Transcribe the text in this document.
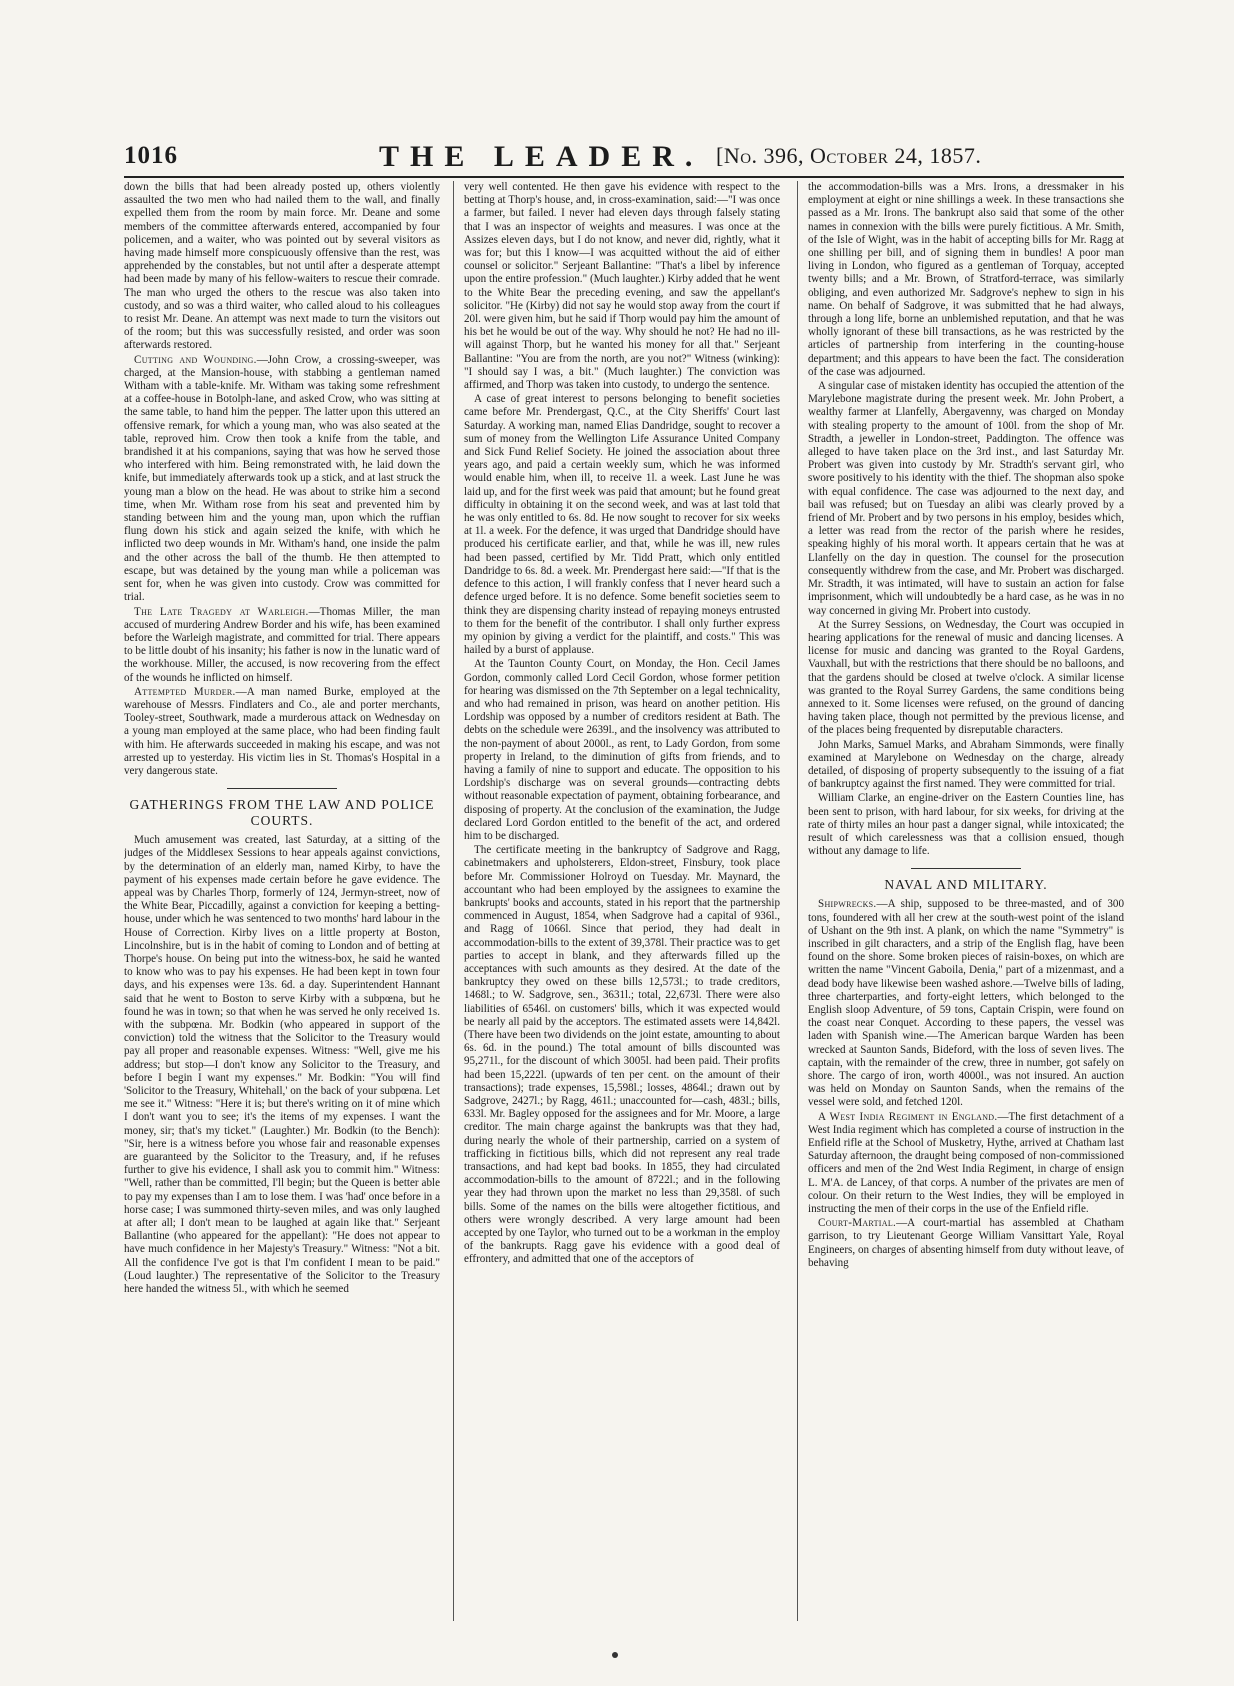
1016	THE LEADER. [No. 396, October 24, 1857.

down the bills that had been already posted up, others violently assaulted the two men who had nailed them to the wall, and finally expelled them from the room by main force. Mr. Deane and some members of the committee afterwards entered, accompanied by four policemen, and a waiter, who was pointed out by several visitors as having made himself more conspicuously offensive than the rest, was apprehended by the constables, but not until after a desperate attempt had been made by many of his fellow-waiters to rescue their comrade. The man who urged the others to the rescue was also taken into custody, and so was a third waiter, who called aloud to his colleagues to resist Mr. Deane. An attempt was next made to turn the visitors out of the room; but this was successfully resisted, and order was soon afterwards restored.

Cutting and Wounding.—John Crow, a crossing-sweeper, was charged, at the Mansion-house, with stabbing a gentleman named Witham with a table-knife. Mr. Witham was taking some refreshment at a coffee-house in Botolph-lane, and asked Crow, who was sitting at the same table, to hand him the pepper. The latter upon this uttered an offensive remark, for which a young man, who was also seated at the table, reproved him. Crow then took a knife from the table, and brandished it at his companions, saying that was how he served those who interfered with him. Being remonstrated with, he laid down the knife, but immediately afterwards took up a stick, and at last struck the young man a blow on the head. He was about to strike him a second time, when Mr. Witham rose from his seat and prevented him by standing between him and the young man, upon which the ruffian flung down his stick and again seized the knife, with which he inflicted two deep wounds in Mr. Witham's hand, one inside the palm and the other across the ball of the thumb. He then attempted to escape, but was detained by the young man while a policeman was sent for, when he was given into custody. Crow was committed for trial.

The Late Tragedy at Warleigh.—Thomas Miller, the man accused of murdering Andrew Border and his wife, has been examined before the Warleigh magistrate, and committed for trial. There appears to be little doubt of his insanity; his father is now in the lunatic ward of the workhouse. Miller, the accused, is now recovering from the effect of the wounds he inflicted on himself.

Attempted Murder.—A man named Burke, employed at the warehouse of Messrs. Findlaters and Co., ale and porter merchants, Tooley-street, Southwark, made a murderous attack on Wednesday on a young man employed at the same place, who had been finding fault with him. He afterwards succeeded in making his escape, and was not arrested up to yesterday. His victim lies in St. Thomas's Hospital in a very dangerous state.

GATHERINGS FROM THE LAW AND POLICE COURTS.

Much amusement was created, last Saturday, at a sitting of the judges of the Middlesex Sessions to hear appeals against convictions, by the determination of an elderly man, named Kirby, to have the payment of his expenses made certain before he gave evidence. The appeal was by Charles Thorp, formerly of 124, Jermyn-street, now of the White Bear, Piccadilly, against a conviction for keeping a betting-house, under which he was sentenced to two months' hard labour in the House of Correction. Kirby lives on a little property at Boston, Lincolnshire, but is in the habit of coming to London and of betting at Thorpe's house. On being put into the witness-box, he said he wanted to know who was to pay his expenses. He had been kept in town four days, and his expenses were 13s. 6d. a day. Superintendent Hannant said that he went to Boston to serve Kirby with a subpœna, but he found he was in town; so that when he was served he only received 1s. with the subpœna. Mr. Bodkin (who appeared in support of the conviction) told the witness that the Solicitor to the Treasury would pay all proper and reasonable expenses. Witness: "Well, give me his address; but stop—I don't know any Solicitor to the Treasury, and before I begin I want my expenses." Mr. Bodkin: "You will find 'Solicitor to the Treasury, Whitehall,' on the back of your subpœna. Let me see it." Witness: "Here it is; but there's writing on it of mine which I don't want you to see; it's the items of my expenses. I want the money, sir; that's my ticket." (Laughter.) Mr. Bodkin (to the Bench): "Sir, here is a witness before you whose fair and reasonable expenses are guaranteed by the Solicitor to the Treasury, and, if he refuses further to give his evidence, I shall ask you to commit him." Witness: "Well, rather than be committed, I'll begin; but the Queen is better able to pay my expenses than I am to lose them. I was 'had' once before in a horse case; I was summoned thirty-seven miles, and was only laughed at after all; I don't mean to be laughed at again like that." Serjeant Ballantine (who appeared for the appellant): "He does not appear to have much confidence in her Majesty's Treasury." Witness: "Not a bit. All the confidence I've got is that I'm confident I mean to be paid." (Loud laughter.) The representative of the Solicitor to the Treasury here handed the witness 5l., with which he seemed

very well contented. He then gave his evidence with respect to the betting at Thorp's house, and, in cross-examination, said:—"I was once a farmer, but failed. I never had eleven days through falsely stating that I was an inspector of weights and measures. I was once at the Assizes eleven days, but I do not know, and never did, rightly, what it was for; but this I know—I was acquitted without the aid of either counsel or solicitor." Serjeant Ballantine: "That's a libel by inference upon the entire profession." (Much laughter.) Kirby added that he went to the White Bear the preceding evening, and saw the appellant's solicitor. "He (Kirby) did not say he would stop away from the court if 20l. were given him, but he said if Thorp would pay him the amount of his bet he would be out of the way. Why should he not? He had no ill-will against Thorp, but he wanted his money for all that." Serjeant Ballantine: "You are from the north, are you not?" Witness (winking): "I should say I was, a bit." (Much laughter.) The conviction was affirmed, and Thorp was taken into custody, to undergo the sentence.

A case of great interest to persons belonging to benefit societies came before Mr. Prendergast, Q.C., at the City Sheriffs' Court last Saturday. A working man, named Elias Dandridge, sought to recover a sum of money from the Wellington Life Assurance United Company and Sick Fund Relief Society. He joined the association about three years ago, and paid a certain weekly sum, which he was informed would enable him, when ill, to receive 1l. a week. Last June he was laid up, and for the first week was paid that amount; but he found great difficulty in obtaining it on the second week, and was at last told that he was only entitled to 6s. 8d. He now sought to recover for six weeks at 1l. a week. For the defence, it was urged that Dandridge should have produced his certificate earlier, and that, while he was ill, new rules had been passed, certified by Mr. Tidd Pratt, which only entitled Dandridge to 6s. 8d. a week. Mr. Prendergast here said:—"If that is the defence to this action, I will frankly confess that I never heard such a defence urged before. It is no defence. Some benefit societies seem to think they are dispensing charity instead of repaying moneys entrusted to them for the benefit of the contributor. I shall only further express my opinion by giving a verdict for the plaintiff, and costs." This was hailed by a burst of applause.

At the Taunton County Court, on Monday, the Hon. Cecil James Gordon, commonly called Lord Cecil Gordon, whose former petition for hearing was dismissed on the 7th September on a legal technicality, and who had remained in prison, was heard on another petition. His Lordship was opposed by a number of creditors resident at Bath. The debts on the schedule were 2639l., and the insolvency was attributed to the non-payment of about 2000l., as rent, to Lady Gordon, from some property in Ireland, to the diminution of gifts from friends, and to having a family of nine to support and educate. The opposition to his Lordship's discharge was on several grounds—contracting debts without reasonable expectation of payment, obtaining forbearance, and disposing of property. At the conclusion of the examination, the Judge declared Lord Gordon entitled to the benefit of the act, and ordered him to be discharged.

The certificate meeting in the bankruptcy of Sadgrove and Ragg, cabinetmakers and upholsterers, Eldon-street, Finsbury, took place before Mr. Commissioner Holroyd on Tuesday. Mr. Maynard, the accountant who had been employed by the assignees to examine the bankrupts' books and accounts, stated in his report that the partnership commenced in August, 1854, when Sadgrove had a capital of 936l., and Ragg of 1066l. Since that period, they had dealt in accommodation-bills to the extent of 39,378l. Their practice was to get parties to accept in blank, and they afterwards filled up the acceptances with such amounts as they desired. At the date of the bankruptcy they owed on these bills 12,573l.; to trade creditors, 1468l.; to W. Sadgrove, sen., 3631l.; total, 22,673l. There were also liabilities of 6546l. on customers' bills, which it was expected would be nearly all paid by the acceptors. The estimated assets were 14,842l. (There have been two dividends on the joint estate, amounting to about 6s. 6d. in the pound.) The total amount of bills discounted was 95,271l., for the discount of which 3005l. had been paid. Their profits had been 15,222l. (upwards of ten per cent. on the amount of their transactions); trade expenses, 15,598l.; losses, 4864l.; drawn out by Sadgrove, 2427l.; by Ragg, 461l.; unaccounted for—cash, 483l.; bills, 633l. Mr. Bagley opposed for the assignees and for Mr. Moore, a large creditor. The main charge against the bankrupts was that they had, during nearly the whole of their partnership, carried on a system of trafficking in fictitious bills, which did not represent any real trade transactions, and had kept bad books. In 1855, they had circulated accommodation-bills to the amount of 8722l.; and in the following year they had thrown upon the market no less than 29,358l. of such bills. Some of the names on the bills were altogether fictitious, and others were wrongly described. A very large amount had been accepted by one Taylor, who turned out to be a workman in the employ of the bankrupts. Ragg gave his evidence with a good deal of effrontery, and admitted that one of the acceptors of

the accommodation-bills was a Mrs. Irons, a dressmaker in his employment at eight or nine shillings a week. In these transactions she passed as a Mr. Irons. The bankrupt also said that some of the other names in connexion with the bills were purely fictitious. A Mr. Smith, of the Isle of Wight, was in the habit of accepting bills for Mr. Ragg at one shilling per bill, and of signing them in bundles! A poor man living in London, who figured as a gentleman of Torquay, accepted twenty bills; and a Mr. Brown, of Stratford-terrace, was similarly obliging, and even authorized Mr. Sadgrove's nephew to sign in his name. On behalf of Sadgrove, it was submitted that he had always, through a long life, borne an unblemished reputation, and that he was wholly ignorant of these bill transactions, as he was restricted by the articles of partnership from interfering in the counting-house department; and this appears to have been the fact. The consideration of the case was adjourned.

A singular case of mistaken identity has occupied the attention of the Marylebone magistrate during the present week. Mr. John Probert, a wealthy farmer at Llanfelly, Abergavenny, was charged on Monday with stealing property to the amount of 100l. from the shop of Mr. Stradth, a jeweller in London-street, Paddington. The offence was alleged to have taken place on the 3rd inst., and last Saturday Mr. Probert was given into custody by Mr. Stradth's servant girl, who swore positively to his identity with the thief. The shopman also spoke with equal confidence. The case was adjourned to the next day, and bail was refused; but on Tuesday an alibi was clearly proved by a friend of Mr. Probert and by two persons in his employ, besides which, a letter was read from the rector of the parish where he resides, speaking highly of his moral worth. It appears certain that he was at Llanfelly on the day in question. The counsel for the prosecution consequently withdrew from the case, and Mr. Probert was discharged. Mr. Stradth, it was intimated, will have to sustain an action for false imprisonment, which will undoubtedly be a hard case, as he was in no way concerned in giving Mr. Probert into custody.

At the Surrey Sessions, on Wednesday, the Court was occupied in hearing applications for the renewal of music and dancing licenses. A license for music and dancing was granted to the Royal Gardens, Vauxhall, but with the restrictions that there should be no balloons, and that the gardens should be closed at twelve o'clock. A similar license was granted to the Royal Surrey Gardens, the same conditions being annexed to it. Some licenses were refused, on the ground of dancing having taken place, though not permitted by the previous license, and of the places being frequented by disreputable characters.

John Marks, Samuel Marks, and Abraham Simmonds, were finally examined at Marylebone on Wednesday on the charge, already detailed, of disposing of property subsequently to the issuing of a fiat of bankruptcy against the first named. They were committed for trial.

William Clarke, an engine-driver on the Eastern Counties line, has been sent to prison, with hard labour, for six weeks, for driving at the rate of thirty miles an hour past a danger signal, while intoxicated; the result of which carelessness was that a collision ensued, though without any damage to life.

NAVAL AND MILITARY.

Shipwrecks.—A ship, supposed to be three-masted, and of 300 tons, foundered with all her crew at the south-west point of the island of Ushant on the 9th inst. A plank, on which the name "Symmetry" is inscribed in gilt characters, and a strip of the English flag, have been found on the shore. Some broken pieces of raisin-boxes, on which are written the name "Vincent Gaboila, Denia," part of a mizenmast, and a dead body have likewise been washed ashore.—Twelve bills of lading, three charterparties, and forty-eight letters, which belonged to the English sloop Adventure, of 59 tons, Captain Crispin, were found on the coast near Conquet. According to these papers, the vessel was laden with Spanish wine.—The American barque Warden has been wrecked at Saunton Sands, Bideford, with the loss of seven lives. The captain, with the remainder of the crew, three in number, got safely on shore. The cargo of iron, worth 4000l., was not insured. An auction was held on Monday on Saunton Sands, when the remains of the vessel were sold, and fetched 120l.

A West India Regiment in England.—The first detachment of a West India regiment which has completed a course of instruction in the Enfield rifle at the School of Musketry, Hythe, arrived at Chatham last Saturday afternoon, the draught being composed of non-commissioned officers and men of the 2nd West India Regiment, in charge of ensign L. M'A. de Lancey, of that corps. A number of the privates are men of colour. On their return to the West Indies, they will be employed in instructing the men of their corps in the use of the Enfield rifle.

Court-Martial.—A court-martial has assembled at Chatham garrison, to try Lieutenant George William Vansittart Yale, Royal Engineers, on charges of absenting himself from duty without leave, of behaving
